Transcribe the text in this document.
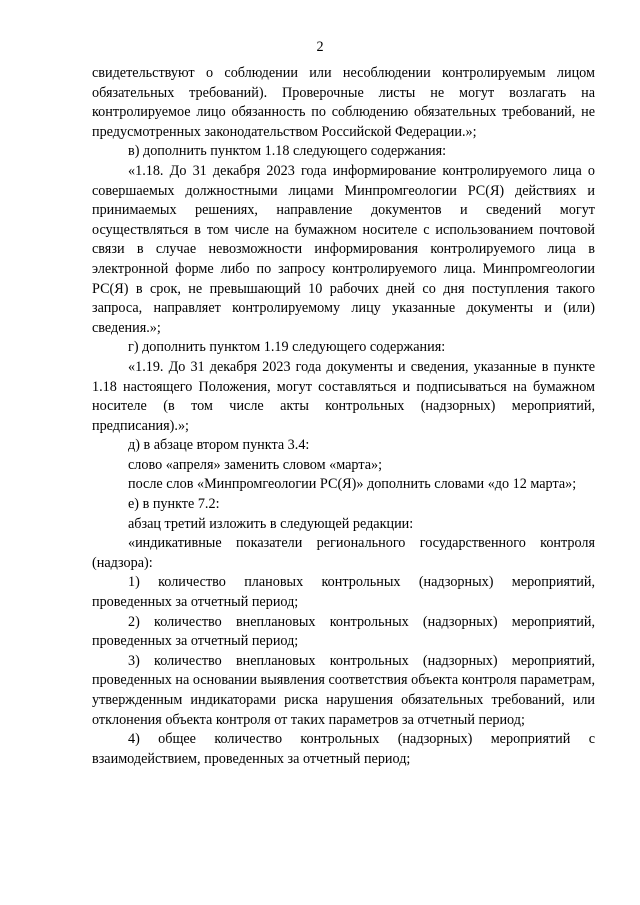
2

свидетельствуют о соблюдении или несоблюдении контролируемым лицом обязательных требований). Проверочные листы не могут возлагать на контролируемое лицо обязанность по соблюдению обязательных требований, не предусмотренных законодательством Российской Федерации.»;

в) дополнить пунктом 1.18 следующего содержания:

«1.18. До 31 декабря 2023 года информирование контролируемого лица о совершаемых должностными лицами Минпромгеологии РС(Я) действиях и принимаемых решениях, направление документов и сведений могут осуществляться в том числе на бумажном носителе с использованием почтовой связи в случае невозможности информирования контролируемого лица в электронной форме либо по запросу контролируемого лица. Минпромгеологии РС(Я) в срок, не превышающий 10 рабочих дней со дня поступления такого запроса, направляет контролируемому лицу указанные документы и (или) сведения.»;

г) дополнить пунктом 1.19 следующего содержания:

«1.19. До 31 декабря 2023 года документы и сведения, указанные в пункте 1.18 настоящего Положения, могут составляться и подписываться на бумажном носителе (в том числе акты контрольных (надзорных) мероприятий, предписания).»;

д) в абзаце втором пункта 3.4:

слово «апреля» заменить словом «марта»;

после слов «Минпромгеологии РС(Я)» дополнить словами «до 12 марта»;

е) в пункте 7.2:

абзац третий изложить в следующей редакции:

«индикативные показатели регионального государственного контроля (надзора):

1) количество плановых контрольных (надзорных) мероприятий, проведенных за отчетный период;

2) количество внеплановых контрольных (надзорных) мероприятий, проведенных за отчетный период;

3) количество внеплановых контрольных (надзорных) мероприятий, проведенных на основании выявления соответствия объекта контроля параметрам, утвержденным индикаторами риска нарушения обязательных требований, или отклонения объекта контроля от таких параметров за отчетный период;

4) общее количество контрольных (надзорных) мероприятий с взаимодействием, проведенных за отчетный период;
